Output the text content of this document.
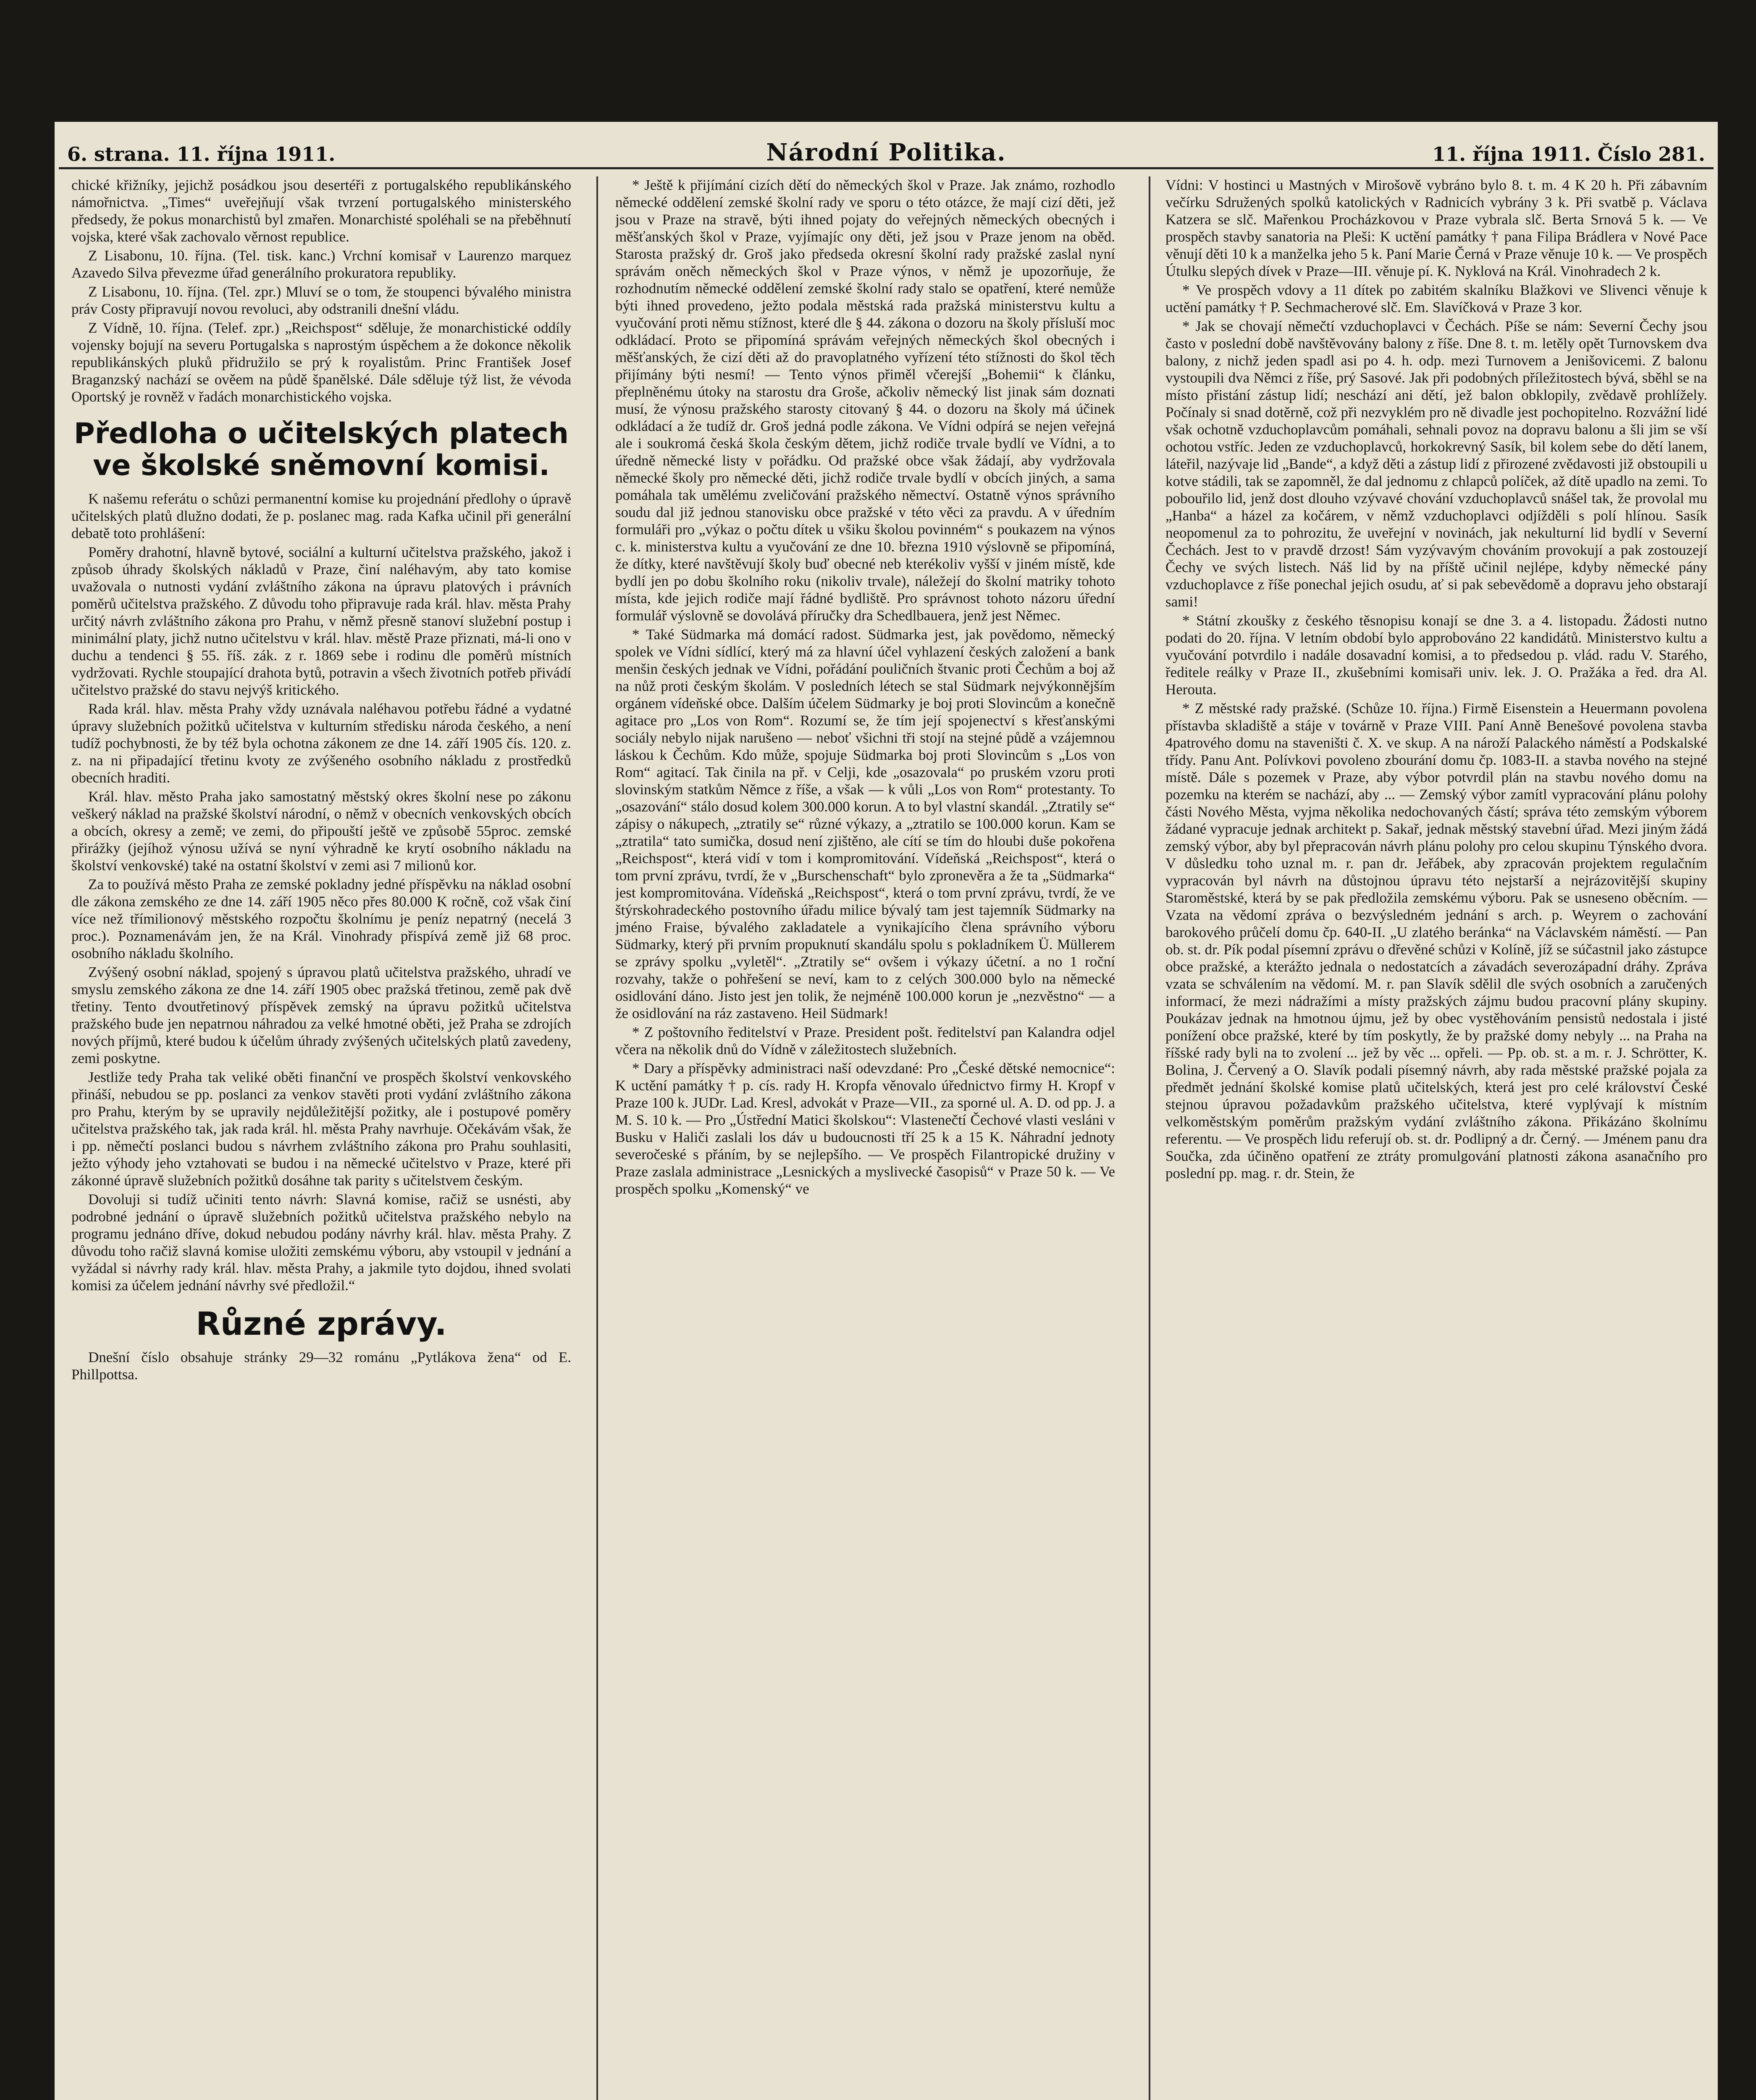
6. strana. 11. října 1911.	Národní Politika.	11. října 1911. Číslo 281.

chické křižníky, jejichž posádkou jsou desertéři z portugalského republikánského námořnictva. „Times“ uveřejňují však tvrzení portugalského ministerského předsedy, že pokus monarchistů byl zmařen. Monarchisté spoléhali se na přeběhnutí vojska, které však zachovalo věrnost republice.

Z Lisabonu, 10. října. (Tel. tisk. kanc.) Vrchní komisař v Laurenzo marquez Azavedo Silva převezme úřad generálního prokuratora republiky.

Z Lisabonu, 10. října. (Tel. zpr.) Mluví se o tom, že stoupenci bývalého ministra práv Costy připravují novou revoluci, aby odstranili dnešní vládu.

Z Vídně, 10. října. (Telef. zpr.) „Reichspost“ sděluje, že monarchistické oddíly vojensky bojují na severu Portugalska s naprostým úspěchem a že dokonce několik republikánských pluků přidružilo se prý k royalistům. Princ František Josef Braganzský nachází se ověem na půdě španělské. Dále sděluje týž list, že vévoda Oportský je rovněž v řadách monarchistického vojska.

Předloha o učitelských platech ve školské sněmovní komisi.

K našemu referátu o schůzi permanentní komise ku projednání předlohy o úpravě učitelských platů dlužno dodati, že p. poslanec mag. rada Kafka učinil při generální debatě toto prohlášení:

Poměry drahotní, hlavně bytové, sociální a kulturní učitelstva pražského, jakož i způsob úhrady školských nákladů v Praze, činí naléhavým, aby tato komise uvažovala o nutnosti vydání zvláštního zákona na úpravu platových i právních poměrů učitelstva pražského. Z důvodu toho připravuje rada král. hlav. města Prahy určitý návrh zvláštního zákona pro Prahu, v němž přesně stanoví služební postup i minimální platy, jichž nutno učitelstvu v král. hlav. městě Praze přiznati, má-li ono v duchu a tendenci § 55. říš. zák. z r. 1869 sebe i rodinu dle poměrů místních vydržovati. Rychle stoupající drahota bytů, potravin a všech životních potřeb přivádí učitelstvo pražské do stavu nejvýš kritického.

Rada král. hlav. města Prahy vždy uznávala naléhavou potřebu řádné a vydatné úpravy služebních požitků učitelstva v kulturním středisku národa českého, a není tudíž pochybnosti, že by též byla ochotna zákonem ze dne 14. září 1905 čís. 120. z. z. na ni připadající třetinu kvoty ze zvýšeného osobního nákladu z prostředků obecních hraditi.

Král. hlav. město Praha jako samostatný městský okres školní nese po zákonu veškerý náklad na pražské školství národní, o němž v obecních venkovských obcích a obcích, okresy a země; ve zemi, do připouští ještě ve způsobě 55proc. zemské přirážky (jejíhož výnosu užívá se nyní výhradně ke krytí osobního nákladu na školství venkovské) také na ostatní školství v zemi asi 7 milionů kor.

Za to používá město Praha ze zemské pokladny jedné příspěvku na náklad osobní dle zákona zemského ze dne 14. září 1905 něco přes 80.000 K ročně, což však činí více než třímilionový městského rozpočtu školnímu je peníz nepatrný (necelá 3 proc.). Poznamenávám jen, že na Král. Vinohrady přispívá země již 68 proc. osobního nákladu školního.

Zvýšený osobní náklad, spojený s úpravou platů učitelstva pražského, uhradí ve smyslu zemského zákona ze dne 14. září 1905 obec pražská třetinou, země pak dvě třetiny. Tento dvoutřetinový příspěvek zemský na úpravu požitků učitelstva pražského bude jen nepatrnou náhradou za velké hmotné oběti, jež Praha se zdrojích nových příjmů, které budou k účelům úhrady zvýšených učitelských platů zavedeny, zemi poskytne.

Jestliže tedy Praha tak veliké oběti finanční ve prospěch školství venkovského přináší, nebudou se pp. poslanci za venkov stavěti proti vydání zvláštního zákona pro Prahu, kterým by se upravily nejdůležitější požitky, ale i postupové poměry učitelstva pražského tak, jak rada král. hl. města Prahy navrhuje. Očekávám však, že i pp. němečtí poslanci budou s návrhem zvláštního zákona pro Prahu souhlasiti, ježto výhody jeho vztahovati se budou i na německé učitelstvo v Praze, které při zákonné úpravě služebních požitků dosáhne tak parity s učitelstvem českým.

Dovoluji si tudíž učiniti tento návrh: Slavná komise, račiž se usnésti, aby podrobné jednání o úpravě služebních požitků učitelstva pražského nebylo na programu jednáno dříve, dokud nebudou podány návrhy král. hlav. města Prahy. Z důvodu toho račiž slavná komise uložiti zemskému výboru, aby vstoupil v jednání a vyžádal si návrhy rady král. hlav. města Prahy, a jakmile tyto dojdou, ihned svolati komisi za účelem jednání návrhy své předložil.“

Různé zprávy.

Dnešní číslo obsahuje stránky 29—32 románu „Pytlákova žena“ od E. Phillpottsa.

* Ještě k přijímání cizích dětí do německých škol v Praze. Jak známo, rozhodlo německé oddělení zemské školní rady ve sporu o této otázce, že mají cizí děti, jež jsou v Praze na stravě, býti ihned pojaty do veřejných německých obecných i měšťanských škol v Praze, vyjímajíc ony děti, jež jsou v Praze jenom na oběd. Starosta pražský dr. Groš jako předseda okresní školní rady pražské zaslal nyní správám oněch německých škol v Praze výnos, v němž je upozorňuje, že rozhodnutím německé oddělení zemské školní rady stalo se opatření, které nemůže býti ihned provedeno, ježto podala městská rada pražská ministerstvu kultu a vyučování proti němu stížnost, které dle § 44. zákona o dozoru na školy přísluší moc odkládací. Proto se připomíná správám veřejných německých škol obecných i měšťanských, že cizí děti až do pravoplatného vyřízení této stížnosti do škol těch přijímány býti nesmí! — Tento výnos přiměl včerejší „Bohemii“ k článku, přeplněnému útoky na starostu dra Groše, ačkoliv německý list jinak sám doznati musí, že výnosu pražského starosty citovaný § 44. o dozoru na školy má účinek odkládací a že tudíž dr. Groš jedná podle zákona. Ve Vídni odpírá se nejen veřejná ale i soukromá česká škola českým dětem, jichž rodiče trvale bydlí ve Vídni, a to úředně německé listy v pořádku. Od pražské obce však žádají, aby vydržovala německé školy pro německé děti, jichž rodiče trvale bydlí v obcích jiných, a sama pomáhala tak umělému zveličování pražského němectví. Ostatně výnos správního soudu dal již jednou stanovisku obce pražské v této věci za pravdu. A v úředním formuláři pro „výkaz o počtu dítek u všiku školou povinném“ s poukazem na výnos c. k. ministerstva kultu a vyučování ze dne 10. března 1910 výslovně se připomíná, že dítky, které navštěvují školy buď obecné neb kterékoliv vyšší v jiném místě, kde bydlí jen po dobu školního roku (nikoliv trvale), náležejí do školní matriky tohoto místa, kde jejich rodiče mají řádné bydliště. Pro správnost tohoto názoru úřední formulář výslovně se dovolává příručky dra Schedlbauera, jenž jest Němec.

* Také Südmarka má domácí radost. Südmarka jest, jak povědomo, německý spolek ve Vídni sídlící, který má za hlavní účel vyhlazení českých založení a bank menšin českých jednak ve Vídni, pořádání pouličních štvanic proti Čechům a boj až na nůž proti českým školám. V posledních létech se stal Südmark nejvýkonnějším orgánem vídeňské obce. Dalším účelem Südmarky je boj proti Slovincům a konečně agitace pro „Los von Rom“. Rozumí se, že tím její spojenectví s křesťanskými sociály nebylo nijak narušeno — neboť všichni tři stojí na stejné půdě a vzájemnou láskou k Čechům. Kdo může, spojuje Südmarka boj proti Slovincům s „Los von Rom“ agitací. Tak činila na př. v Celji, kde „osazovala“ po pruském vzoru proti slovinským statkům Němce z říše, a však — k vůli „Los von Rom“ protestanty. To „osazování“ stálo dosud kolem 300.000 korun. A to byl vlastní skandál. „Ztratily se“ zápisy o nákupech, „ztratily se“ různé výkazy, a „ztratilo se 100.000 korun. Kam se „ztratila“ tato sumička, dosud není zjištěno, ale cítí se tím do hloubi duše pokořena „Reichspost“, která vidí v tom i kompromitování. Vídeňská „Reichspost“, která o tom první zprávu, tvrdí, že v „Burschenschaft“ bylo zpronevěra a že ta „Südmarka“ jest kompromitována. Vídeňská „Reichspost“, která o tom první zprávu, tvrdí, že ve štýrskohradeckého postovního úřadu milice bývalý tam jest tajemník Südmarky na jméno Fraise, bývalého zakladatele a vynikajícího člena správního výboru Südmarky, který při prvním propuknutí skandálu spolu s pokladníkem Ü. Müllerem se zprávy spolku „vyletěl“. „Ztratily se“ ovšem i výkazy účetní. a no 1 roční rozvahy, takže o pohřešení se neví, kam to z celých 300.000 bylo na německé osidlování dáno. Jisto jest jen tolik, že nejméně 100.000 korun je „nezvěstno“ — a že osidlování na ráz zastaveno. Heil Südmark!

* Z poštovního ředitelství v Praze. President pošt. ředitelství pan Kalandra odjel včera na několik dnů do Vídně v záležitostech služebních.

* Dary a příspěvky administraci naší odevzdané: Pro „České dětské nemocnice“: K uctění památky † p. cís. rady H. Kropfa věnovalo úřednictvo firmy H. Kropf v Praze 100 k. JUDr. Lad. Kresl, advokát v Praze—VII., za sporné ul. A. D. od pp. J. a M. S. 10 k. — Pro „Ústřední Matici školskou“: Vlastenečtí Čechové vlasti vesláni v Busku v Haliči zaslali los dáv u budoucnosti tří 25 k a 15 K. Náhradní jednoty severočeské s přáním, by se nejlepšího. — Ve prospěch Filantropické družiny v Praze zaslala administrace „Lesnických a myslivecké časopisů“ v Praze 50 k. — Ve prospěch spolku „Komenský“ ve

Vídni: V hostinci u Mastných v Mirošově vybráno bylo 8. t. m. 4 K 20 h. Při zábavním večírku Sdružených spolků katolických v Radnicích vybrány 3 k. Při svatbě p. Václava Katzera se slč. Mařenkou Procházkovou v Praze vybrala slč. Berta Srnová 5 k. — Ve prospěch stavby sanatoria na Pleši: K uctění památky † pana Filipa Brádlera v Nové Pace věnují děti 10 k a manželka jeho 5 k. Paní Marie Černá v Praze věnuje 10 k. — Ve prospěch Útulku slepých dívek v Praze—III. věnuje pí. K. Nyklová na Král. Vinohradech 2 k.

* Ve prospěch vdovy a 11 dítek po zabitém skalníku Blažkovi ve Slivenci věnuje k uctění památky † P. Sechmacherové slč. Em. Slavíčková v Praze 3 kor.

* Jak se chovají němečtí vzduchoplavci v Čechách. Píše se nám: Severní Čechy jsou často v poslední době navštěvovány balony z říše. Dne 8. t. m. letěly opět Turnovskem dva balony, z nichž jeden spadl asi po 4. h. odp. mezi Turnovem a Jenišovicemi. Z balonu vystoupili dva Němci z říše, prý Sasové. Jak při podobných příležitostech bývá, sběhl se na místo přistání zástup lidí; neschází ani dětí, jež balon obklopily, zvědavě prohlížely. Počínaly si snad dotěrně, což při nezvyklém pro ně divadle jest pochopitelno. Rozvážní lidé však ochotně vzduchoplavcům pomáhali, sehnali povoz na dopravu balonu a šli jim se vší ochotou vstříc. Jeden ze vzduchoplavců, horkokrevný Sasík, bil kolem sebe do dětí lanem, láteřil, nazývaje lid „Bande“, a když děti a zástup lidí z přirozené zvědavosti již obstoupili u kotve stádili, tak se zapomněl, že dal jednomu z chlapců políček, až dítě upadlo na zemi. To pobouřilo lid, jenž dost dlouho vzývavé chování vzduchoplavců snášel tak, že provolal mu „Hanba“ a házel za kočárem, v němž vzduchoplavci odjížděli s polí hlínou. Sasík neopomenul za to pohrozitu, že uveřejní v novinách, jak nekulturní lid bydlí v Severní Čechách. Jest to v pravdě drzost! Sám vyzývavým chováním provokují a pak zostouzejí Čechy ve svých listech. Náš lid by na příště učinil nejlépe, kdyby německé pány vzduchoplavce z říše ponechal jejich osudu, ať si pak sebevědomě a dopravu jeho obstarají sami!

* Státní zkoušky z českého těsnopisu konají se dne 3. a 4. listopadu. Žádosti nutno podati do 20. října. V letním období bylo approbováno 22 kandidátů. Ministerstvo kultu a vyučování potvrdilo i nadále dosavadní komisi, a to předsedou p. vlád. radu V. Starého, ředitele reálky v Praze II., zkušebními komisaři univ. lek. J. O. Pražáka a řed. dra Al. Herouta.

* Z městské rady pražské. (Schůze 10. října.) Firmě Eisenstein a Heuermann povolena přístavba skladiště a stáje v továrně v Praze VIII. Paní Anně Benešové povolena stavba 4patrového domu na staveništi č. X. ve skup. A na nároží Palackého náměstí a Podskalské třídy. Panu Ant. Polívkovi povoleno zbourání domu čp. 1083-II. a stavba nového na stejné místě. Dále s pozemek v Praze, aby výbor potvrdil plán na stavbu nového domu na pozemku na kterém se nachází, aby ... — Zemský výbor zamítl vypracování plánu polohy části Nového Města, vyjma několika nedochovaných částí; správa této zemským výborem žádané vypracuje jednak architekt p. Sakař, jednak městský stavební úřad. Mezi jiným žádá zemský výbor, aby byl přepracován návrh plánu polohy pro celou skupinu Týnského dvora. V důsledku toho uznal m. r. pan dr. Jeřábek, aby zpracován projektem regulačním vypracován byl návrh na důstojnou úpravu této nejstarší a nejrázovitější skupiny Staroměstské, která by se pak předložila zemskému výboru. Pak se usneseno oběcním. — Vzata na vědomí zpráva o bezvýsledném jednání s arch. p. Weyrem o zachování barokového průčelí domu čp. 640-II. „U zlatého beránka“ na Václavském náměstí. — Pan ob. st. dr. Pík podal písemní zprávu o dřevěné schůzi v Kolíně, jíž se súčastnil jako zástupce obce pražské, a kterážto jednala o nedostatcích a závadách severozápadní dráhy. Zpráva vzata se schválením na vědomí. M. r. pan Slavík sdělil dle svých osobních a zaručených informací, že mezi nádražími a místy pražských zájmu budou pracovní plány skupiny. Poukázav jednak na hmotnou újmu, jež by obec vystěhováním pensistů nedostala i jisté ponížení obce pražské, které by tím poskytly, že by pražské domy nebyly ... na Praha na říšské rady byli na to zvolení ... jež by věc ... opřeli. — Pp. ob. st. a m. r. J. Schrötter, K. Bolina, J. Červený a O. Slavík podali písemný návrh, aby rada městské pražské pojala za předmět jednání školské komise platů učitelských, která jest pro celé království České stejnou úpravou požadavkům pražského učitelstva, které vyplývají k místním velkoměstským poměrům pražským vydání zvláštního zákona. Přikázáno školnímu referentu. — Ve prospěch lidu referují ob. st. dr. Podlipný a dr. Černý. — Jménem panu dra Součka, zda účiněno opatření ze ztráty promulgování platnosti zákona asanačního pro poslední pp. mag. r. dr. Stein, že
